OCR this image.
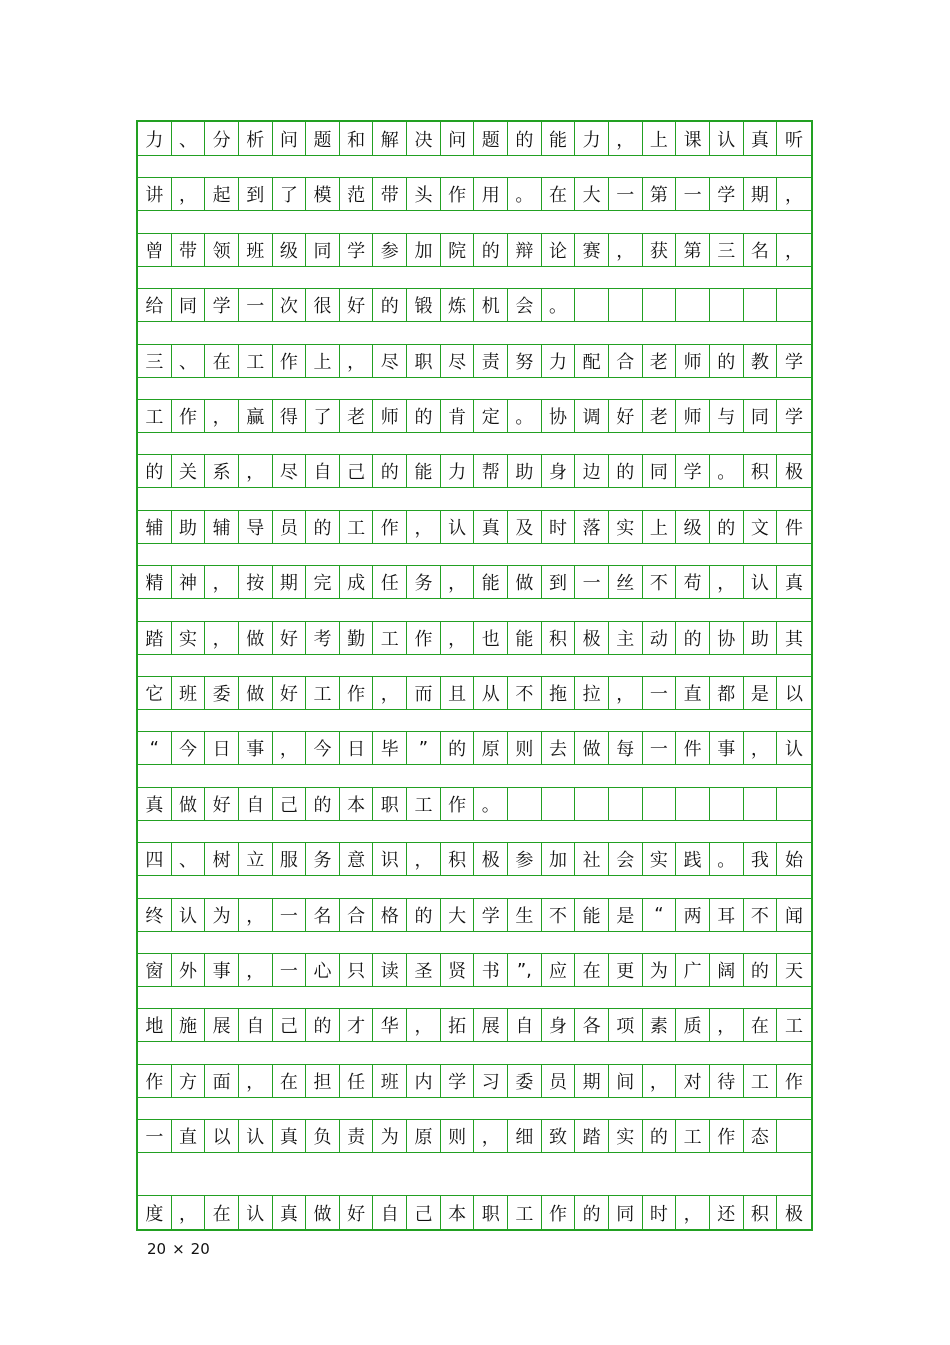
力 、 分 析 问 题 和 解 决 问 题 的 能 力 ， 上 课 认 真 听
讲 ， 起 到 了 模 范 带 头 作 用 。 在 大 一 第 一 学 期 ，
曾 带 领 班 级 同 学 参 加 院 的 辩 论 赛 ， 获 第 三 名 ，
给 同 学 一 次 很 好 的 锻 炼 机 会 。
三 、 在 工 作 上 ， 尽 职 尽 责 努 力 配 合 老 师 的 教 学
工 作 ， 赢 得 了 老 师 的 肯 定 。 协 调 好 老 师 与 同 学
的 关 系 ， 尽 自 己 的 能 力 帮 助 身 边 的 同 学 。 积 极
辅 助 辅 导 员 的 工 作 ， 认 真 及 时 落 实 上 级 的 文 件
精 神 ， 按 期 完 成 任 务 ， 能 做 到 一 丝 不 苟 ， 认 真
踏 实 ， 做 好 考 勤 工 作 ， 也 能 积 极 主 动 的 协 助 其
它 班 委 做 好 工 作 ， 而 且 从 不 拖 拉 ， 一 直 都 是 以
“	今 日 事 ， 今 日 毕	”	的 原 则 去 做 每 一 件 事 ， 认
真 做 好 自 己 的 本 职 工 作 。
四 、 树 立 服 务 意 识 ， 积 极 参 加 社 会 实 践 。 我 始
终 认 为 ， 一 名 合 格 的 大 学 生 不 能 是	“	两 耳 不 闻
窗 外 事 ， 一 心 只 读 圣 贤 书 ”, 应 在 更 为 广 阔 的 天
地 施 展 自 己 的 才 华 ， 拓 展 自 身 各 项 素 质 ， 在 工
作 方 面 ， 在 担 任 班 内 学 习 委 员 期 间 ， 对 待 工 作
一 直 以 认 真 负 责 为 原 则 ， 细 致 踏 实 的 工 作 态
度 ， 在 认 真 做 好 自 己 本 职 工 作 的 同 时 ， 还 积 极
20 × 20
